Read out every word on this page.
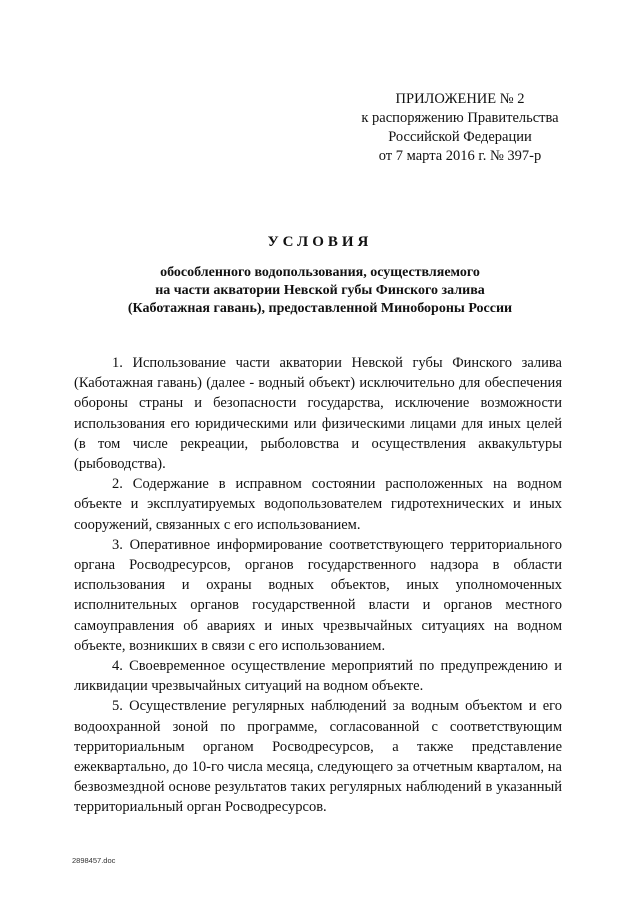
ПРИЛОЖЕНИЕ № 2
к распоряжению Правительства
Российской Федерации
от 7 марта 2016 г. № 397-р
УСЛОВИЯ
обособленного водопользования, осуществляемого
на части акватории Невской губы Финского залива
(Каботажная гавань), предоставленной Минобороны России

1. Использование части акватории Невской губы Финского залива (Каботажная гавань) (далее - водный объект) исключительно для обеспечения обороны страны и безопасности государства, исключение возможности использования его юридическими или физическими лицами для иных целей (в том числе рекреации, рыболовства и осуществления аквакультуры (рыбоводства).

2. Содержание в исправном состоянии расположенных на водном объекте и эксплуатируемых водопользователем гидротехнических и иных сооружений, связанных с его использованием.

3. Оперативное информирование соответствующего территориального органа Росводресурсов, органов государственного надзора в области использования и охраны водных объектов, иных уполномоченных исполнительных органов государственной власти и органов местного самоуправления об авариях и иных чрезвычайных ситуациях на водном объекте, возникших в связи с его использованием.

4. Своевременное осуществление мероприятий по предупреждению и ликвидации чрезвычайных ситуаций на водном объекте.

5. Осуществление регулярных наблюдений за водным объектом и его водоохранной зоной по программе, согласованной с соответствующим территориальным органом Росводресурсов, а также представление ежеквартально, до 10-го числа месяца, следующего за отчетным кварталом, на безвозмездной основе результатов таких регулярных наблюдений в указанный территориальный орган Росводресурсов.

2898457.doc
